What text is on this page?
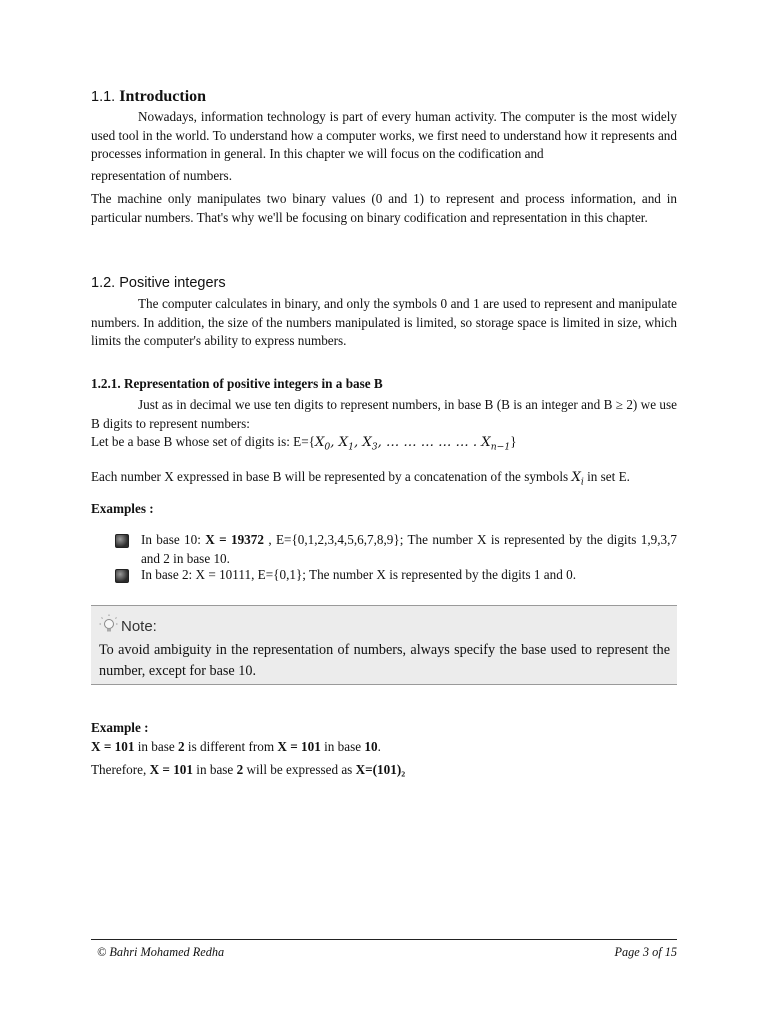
1.1. Introduction

Nowadays, information technology is part of every human activity. The computer is the most widely used tool in the world. To understand how a computer works, we first need to understand how it represents and processes information in general. In this chapter we will focus on the codification and

representation of numbers.

The machine only manipulates two binary values (0 and 1) to represent and process information, and in particular numbers. That's why we'll be focusing on binary codification and representation in this chapter.

1.2. Positive integers

The computer calculates in binary, and only the symbols 0 and 1 are used to represent and manipulate numbers. In addition, the size of the numbers manipulated is limited, so storage space is limited in size, which limits the computer's ability to express numbers.

1.2.1. Representation of positive integers in a base B

Just as in decimal we use ten digits to represent numbers, in base B (B is an integer and B ≥ 2) we use B digits to represent numbers:

Let be a base B whose set of digits is: $E=\{X_0$, $X_1$, $X_3$, … … … … … . $X_{n-1}$}
Each number X expressed in base B will be represented by a concatenation of the symbols $X_i$ in set E.
Examples :

In base 10: X = 19372 , E={0,1,2,3,4,5,6,7,8,9}; The number X is represented by the digits 1,9,3,7 and 2 in base 10.

In base 2: X = 10111, E={0,1}; The number X is represented by the digits 1 and 0.

Note:
To avoid ambiguity in the representation of numbers, always specify the base used to represent the number, except for base 10.
Example :
X = 101 in base 2 is different from X = 101 in base 10.
Therefore, X = 101 in base 2 will be expressed as X=(101)₂
© Bahri Mohamed Redha	Page 3 of 15
